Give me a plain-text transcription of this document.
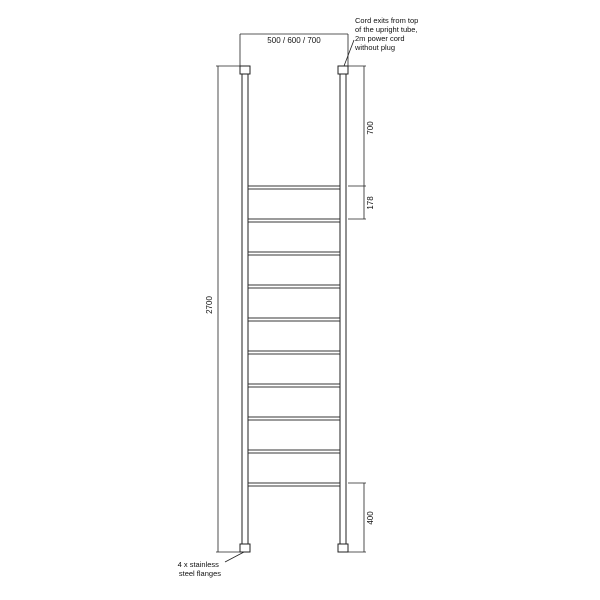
500 / 600 / 700
2700
700
178
400
Cord exits from top of the upright tube, 2m power cord without plug
4 x stainless steel flanges
